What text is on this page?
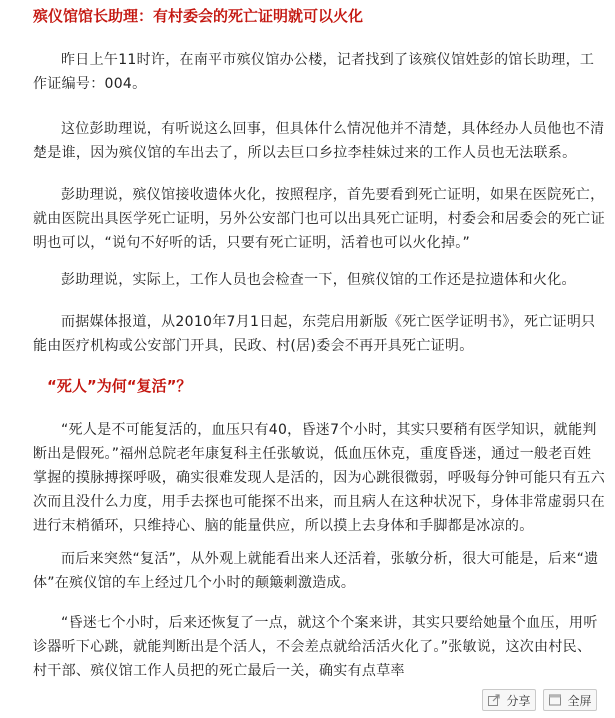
殡仪馆馆长助理：有村委会的死亡证明就可以火化

昨日上午11时许，在南平市殡仪馆办公楼，记者找到了该殡仪馆姓彭的馆长助理，工作证编号：004。

这位彭助理说，有听说这么回事，但具体什么情况他并不清楚，具体经办人员他也不清楚是谁，因为殡仪馆的车出去了，所以去巨口乡拉李桂妹过来的工作人员也无法联系。

彭助理说，殡仪馆接收遗体火化，按照程序，首先要看到死亡证明，如果在医院死亡，就由医院出具医学死亡证明，另外公安部门也可以出具死亡证明，村委会和居委会的死亡证明也可以，“说句不好听的话，只要有死亡证明，活着也可以火化掉。”

彭助理说，实际上，工作人员也会检查一下，但殡仪馆的工作还是拉遗体和火化。

而据媒体报道，从2010年7月1日起，东莞启用新版《死亡医学证明书》，死亡证明只能由医疗机构或公安部门开具，民政、村(居)委会不再开具死亡证明。

“死人”为何“复活”？

“死人是不可能复活的，血压只有40，昏迷7个小时，其实只要稍有医学知识，就能判断出是假死。”福州总院老年康复科主任张敏说，低血压休克，重度昏迷，通过一般老百姓掌握的摸脉搏探呼吸，确实很难发现人是活的，因为心跳很微弱，呼吸每分钟可能只有五六次而且没什么力度，用手去探也可能探不出来，而且病人在这种状况下，身体非常虚弱只在进行末梢循环，只维持心、脑的能量供应，所以摸上去身体和手脚都是冰凉的。

而后来突然“复活”，从外观上就能看出来人还活着，张敏分析，很大可能是，后来“遗体”在殡仪馆的车上经过几个小时的颠簸刺激造成。

“昏迷七个小时，后来还恢复了一点，就这个个案来讲，其实只要给她量个血压，用听诊器听下心跳，就能判断出是个活人，不会差点就给活活火化了。”张敏说，这次由村民、村干部、殡仪馆工作人员把的死亡最后一关，确实有点草率

分享	全屏
